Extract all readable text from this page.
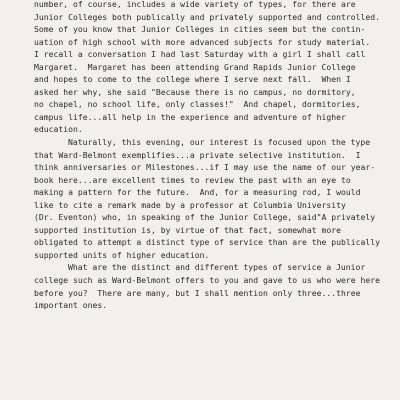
number, of course, includes a wide variety of types, for there are
Junior Colleges both publically and privately supported and controlled.
Some of you know that Junior Colleges in cities seem but the contin-
uation of high school with more advanced subjects for study material.
I recall a conversation I had last Saturday with a girl I shall call
Margaret.  Margaret has been attending Grand Rapids Junior College
and hopes to come to the college where I serve next fall.  When I
asked her why, she said "Because there is no campus, no dormitory,
no chapel, no school life, only classes!"  And chapel, dormitories,
campus life...all help in the experience and adventure of higher
education.
Naturally, this evening, our interest is focused upon the type
that Ward-Belmont exemplifies...a private selective institution.  I
think anniversaries or Milestones...if I may use the name of our year-
book here...are excellent times to review the past with an eye to
making a pattern for the future.  And, for a measuring rod, I would
like to cite a remark made by a professor at Columbia University
(Dr. Eventon) who, in speaking of the Junior College, said"A privately
supported institution is, by virtue of that fact, somewhat more
obligated to attempt a distinct type of service than are the publically
supported units of higher education.
What are the distinct and different types of service a Junior
college such as Ward-Belmont offers to you and gave to us who were here
before you?  There are many, but I shall mention only three...three
important ones.
